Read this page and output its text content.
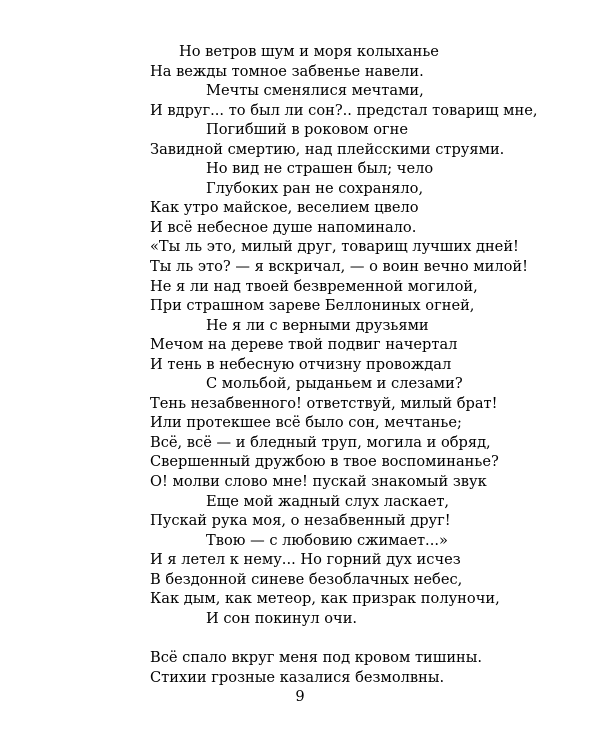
Но ветров шум и моря колыханье
На вежды томное забвенье навели.
Мечты сменялися мечтами,
И вдруг... то был ли сон?.. предстал товарищ мне,
Погибший в роковом огне
Завидной смертию, над плейсскими струями.
Но вид не страшен был; чело
Глубоких ран не сохраняло,
Как утро майское, веселием цвело
И всё небесное душе напоминало.
«Ты ль это, милый друг, товарищ лучших дней!
Ты ль это? — я вскричал, — о воин вечно милой!
Не я ли над твоей безвременной могилой,
При страшном зареве Беллониных огней,
Не я ли с верными друзьями
Мечом на дереве твой подвиг начертал
И тень в небесную отчизну провождал
С мольбой, рыданьем и слезами?
Тень незабвенного! ответствуй, милый брат!
Или протекшее всё было сон, мечтанье;
Всё, всё — и бледный труп, могила и обряд,
Свершенный дружбою в твое воспоминанье?
О! молви слово мне! пускай знакомый звук
Еще мой жадный слух ласкает,
Пускай рука моя, о незабвенный друг!
Твою — с любовию сжимает...»
И я летел к нему... Но горний дух исчез
В бездонной синеве безоблачных небес,
Как дым, как метеор, как призрак полуночи,
И сон покинул очи.
Всё спало вкруг меня под кровом тишины.
Стихии грозные казалися безмолвны.
9
